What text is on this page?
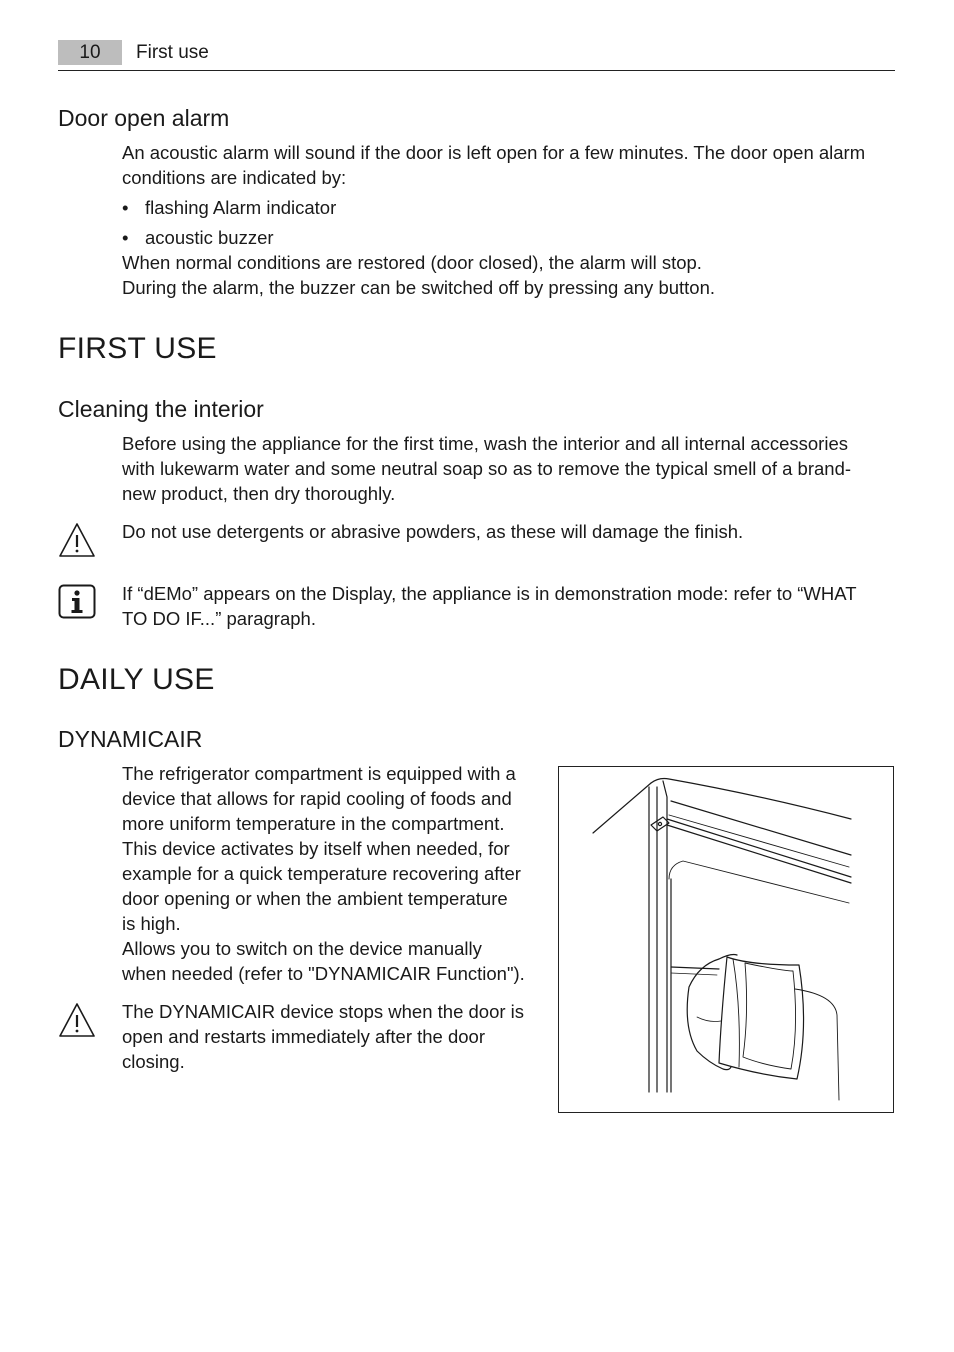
10	First use
Door open alarm

An acoustic alarm will sound if the door is left open for a few minutes. The door open alarm conditions are indicated by:

• flashing Alarm indicator
• acoustic buzzer

When normal conditions are restored (door closed), the alarm will stop.

During the alarm, the buzzer can be switched off by pressing any button.

FIRST USE
Cleaning the interior

Before using the appliance for the first time, wash the interior and all internal accessories

with lukewarm water and some neutral soap so as to remove the typical smell of a brand-

new product, then dry thoroughly.

Do not use detergents or abrasive powders, as these will damage the finish.

If “dEMo” appears on the Display, the appliance is in demonstration mode: refer to “WHAT

TO DO IF...” paragraph.

DAILY USE
DYNAMICAIR

The refrigerator compartment is equipped with a

device that allows for rapid cooling of foods and

more uniform temperature in the compartment.

This device activates by itself when needed, for

example for a quick temperature recovering after

door opening or when the ambient temperature

is high.

Allows you to switch on the device manually

when needed (refer to "DYNAMICAIR Function").

The DYNAMICAIR device stops when the door is

open and restarts immediately after the door

closing.
